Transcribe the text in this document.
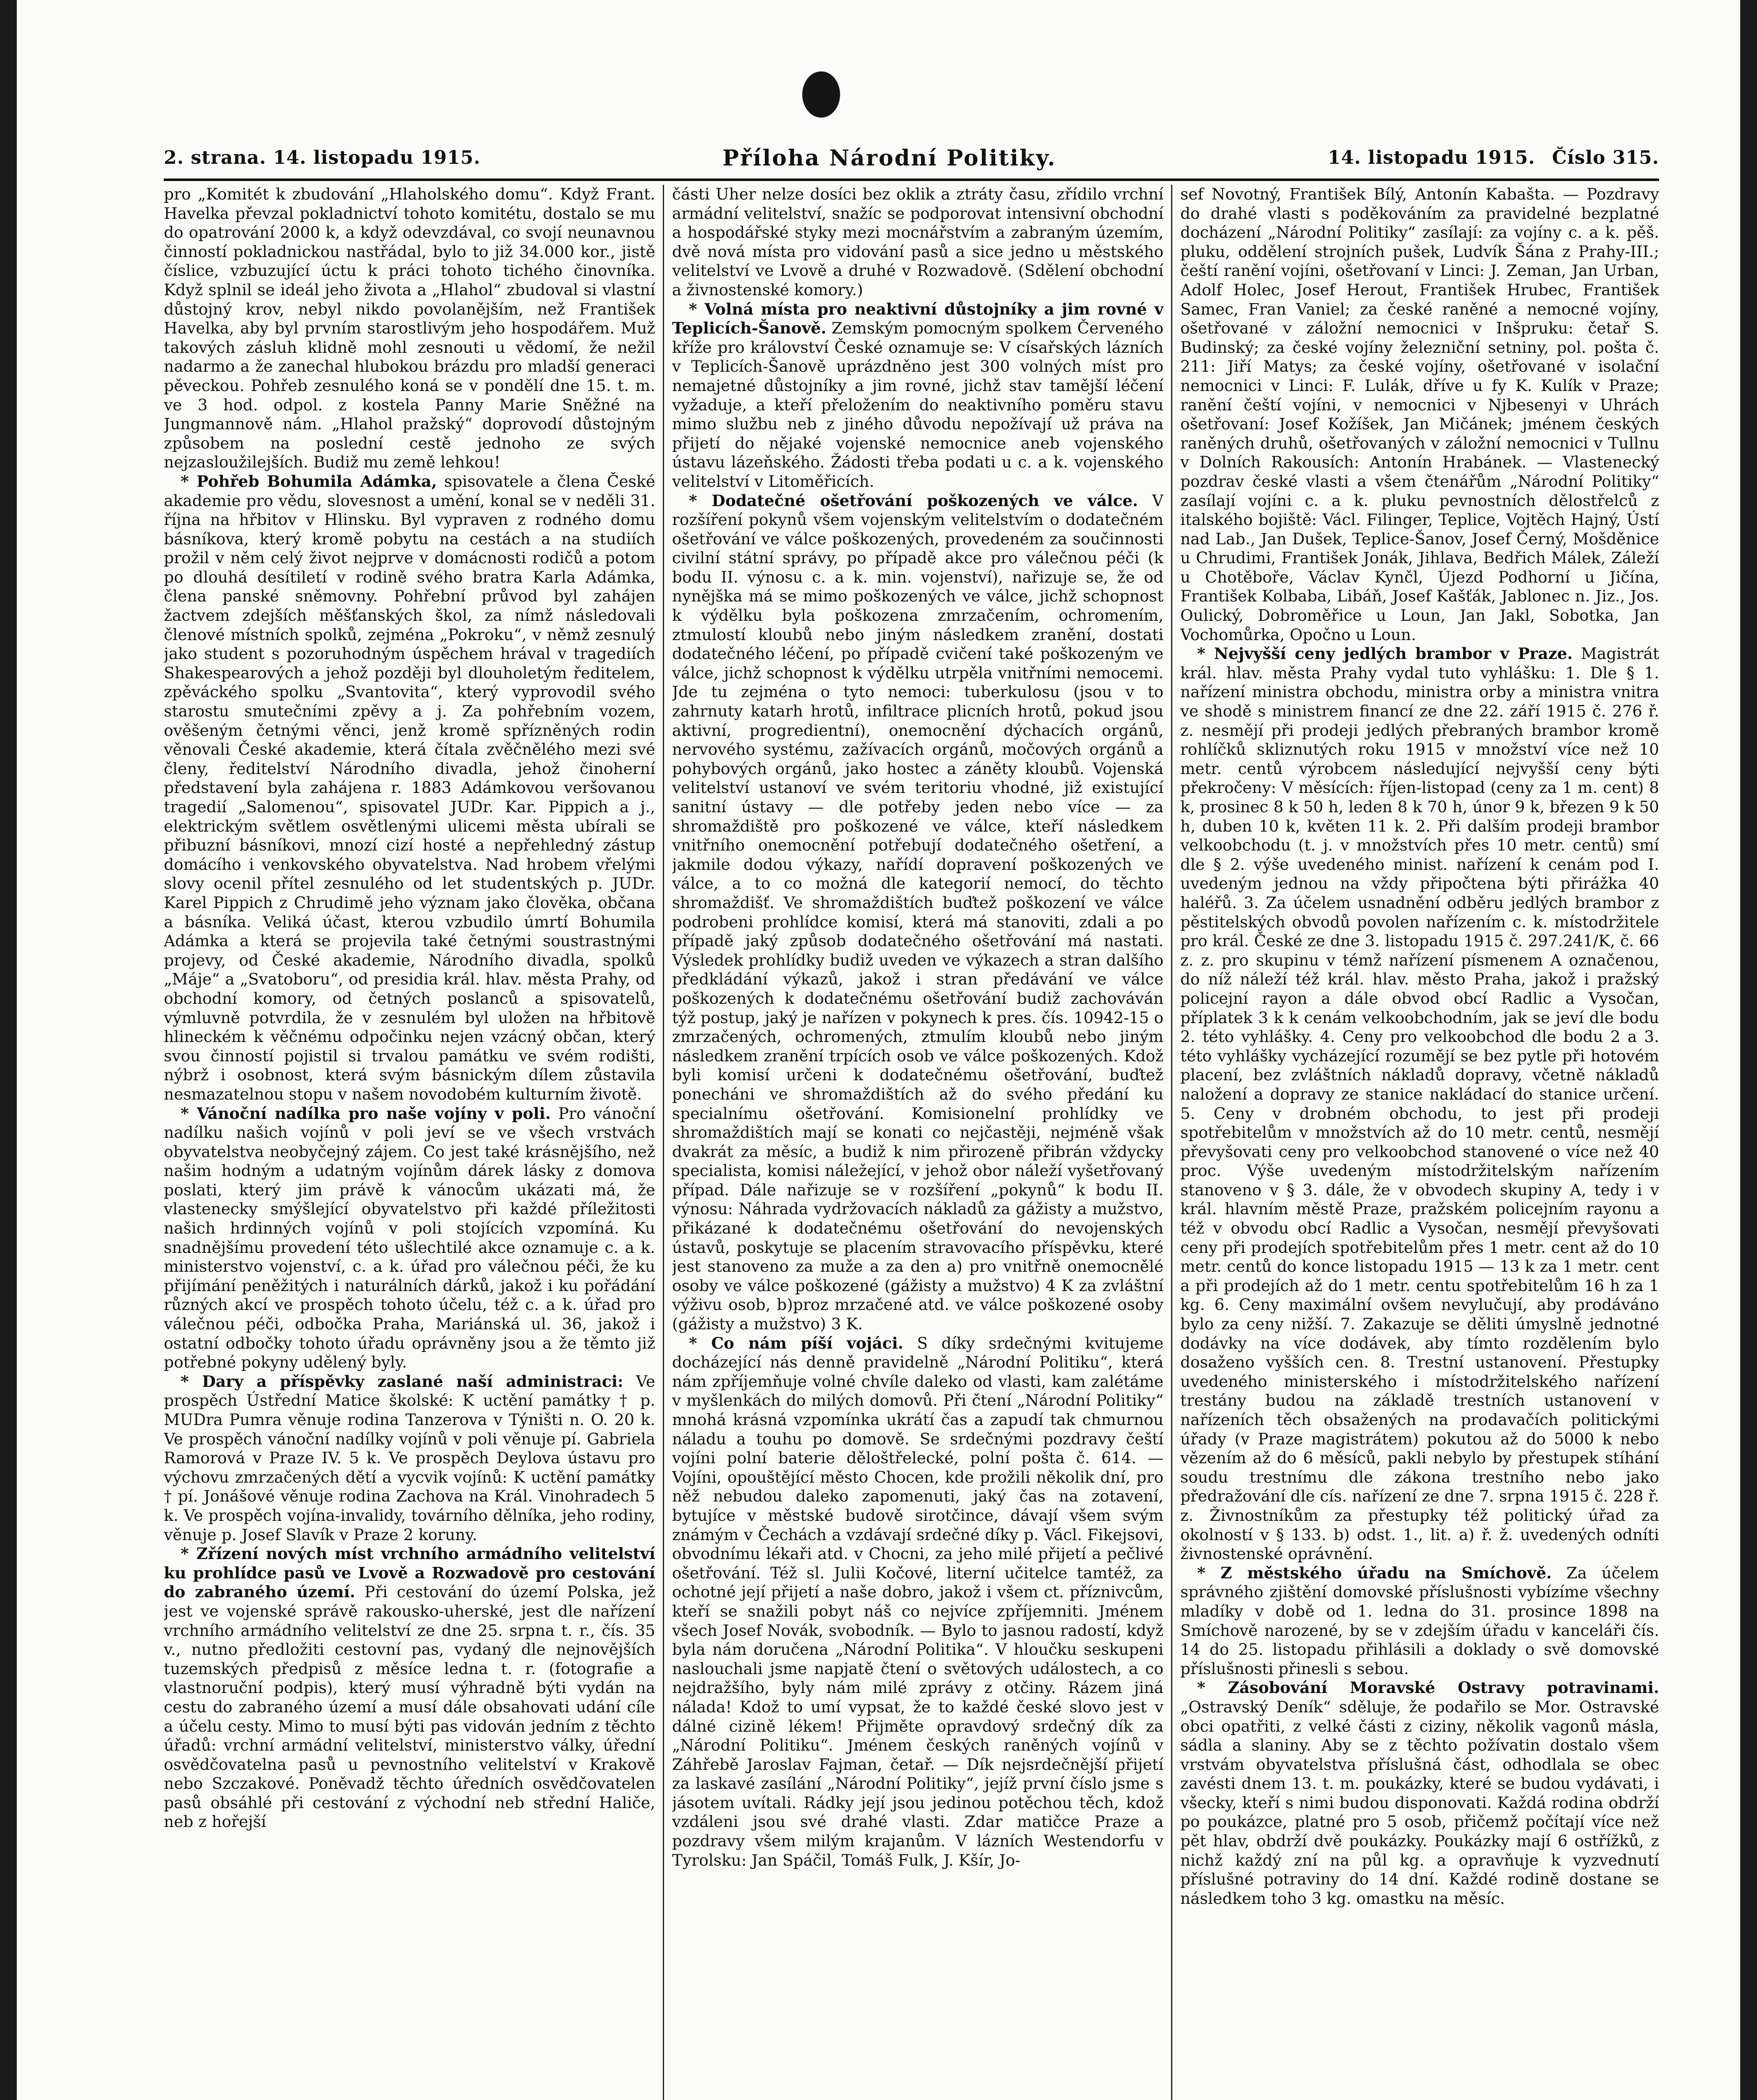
2. strana. 14. listopadu 1915.	Příloha Národní Politiky.	14. listopadu 1915. Číslo 315.

pro „Komitét k zbudování „Hlaholského domu“. Když Frant. Havelka převzal pokladnictví tohoto komitétu, dostalo se mu do opatrování 2000 k, a když odevzdával, co svojí neunavnou činností pokladnickou nastřádal, bylo to již 34.000 kor., jistě číslice, vzbuzující úctu k práci tohoto tichého činovníka. Když splnil se ideál jeho života a „Hlahol“ zbudoval si vlastní důstojný krov, nebyl nikdo povolanějším, než František Havelka, aby byl prvním starostlivým jeho hospodářem. Muž takových zásluh klidně mohl zesnouti u vědomí, že nežil nadarmo a že zanechal hlubokou brázdu pro mladší generaci pěveckou. Pohřeb zesnulého koná se v pondělí dne 15. t. m. ve 3 hod. odpol. z kostela Panny Marie Sněžné na Jungmannově nám. „Hlahol pražský“ doprovodí důstojným způsobem na poslední cestě jednoho ze svých nejzasloužilejších. Budiž mu země lehkou!

* Pohřeb Bohumila Adámka, spisovatele a člena České akademie pro vědu, slovesnost a umění, konal se v neděli 31. října na hřbitov v Hlinsku. Byl vypraven z rodného domu básníkova, který kromě pobytu na cestách a na studiích prožil v něm celý život nejprve v domácnosti rodičů a potom po dlouhá desítiletí v rodině svého bratra Karla Adámka, člena panské sněmovny. Pohřební průvod byl zahájen žactvem zdejších měšťanských škol, za nímž následovali členové místních spolků, zejména „Pokroku“, v němž zesnulý jako student s pozoruhodným úspěchem hrával v tragediích Shakespearových a jehož později byl dlouholetým ředitelem, zpěváckého spolku „Svantovita“, který vyprovodil svého starostu smutečními zpěvy a j. Za pohřebním vozem, ověšeným četnými věnci, jenž kromě spřízněných rodin věnovali České akademie, která čítala zvěčnělého mezi své členy, ředitelství Národního divadla, jehož činoherní představení byla zahájena r. 1883 Adámkovou veršovanou tragedií „Salomenou“, spisovatel JUDr. Kar. Pippich a j., elektrickým světlem osvětlenými ulicemi města ubírali se přibuzní básníkovi, mnozí cizí hosté a nepřehledný zástup domácího i venkovského obyvatelstva. Nad hrobem vřelými slovy ocenil přítel zesnulého od let studentských p. JUDr. Karel Pippich z Chrudimě jeho význam jako člověka, občana a básníka. Veliká účast, kterou vzbudilo úmrtí Bohumila Adámka a která se projevila také četnými soustrastnými projevy, od České akademie, Národního divadla, spolků „Máje“ a „Svatoboru“, od presidia král. hlav. města Prahy, od obchodní komory, od četných poslanců a spisovatelů, výmluvně potvrdila, že v zesnulém byl uložen na hřbitově hlineckém k věčnému odpočinku nejen vzácný občan, který svou činností pojistil si trvalou památku ve svém rodišti, nýbrž i osobnost, která svým básnickým dílem zůstavila nesmazatelnou stopu v našem novodobém kulturním životě.

* Vánoční nadílka pro naše vojíny v poli. Pro vánoční nadílku našich vojínů v poli jeví se ve všech vrstvách obyvatelstva neobyčejný zájem. Co jest také krásnějšího, než našim hodným a udatným vojínům dárek lásky z domova poslati, který jim právě k vánocům ukázati má, že vlastenecky smýšlející obyvatelstvo při každé příležitosti našich hrdinných vojínů v poli stojících vzpomíná. Ku snadnějšímu provedení této ušlechtilé akce oznamuje c. a k. ministerstvo vojenství, c. a k. úřad pro válečnou péči, že ku přijímání peněžitých i naturálních dárků, jakož i ku pořádání různých akcí ve prospěch tohoto účelu, též c. a k. úřad pro válečnou péči, odbočka Praha, Mariánská ul. 36, jakož i ostatní odbočky tohoto úřadu oprávněny jsou a že těmto již potřebné pokyny udělený byly.

* Dary a příspěvky zaslané naší administraci: Ve prospěch Ústřední Matice školské: K uctění památky † p. MUDra Pumra věnuje rodina Tanzerova v Týništi n. O. 20 k. Ve prospěch vánoční nadílky vojínů v poli věnuje pí. Gabriela Ramorová v Praze IV. 5 k. Ve prospěch Deylova ústavu pro výchovu zmrzačených dětí a vycvik vojínů: K uctění památky † pí. Jonášové věnuje rodina Zachova na Král. Vinohradech 5 k. Ve prospěch vojína-invalidy, továrního dělníka, jeho rodiny, věnuje p. Josef Slavík v Praze 2 koruny.

* Zřízení nových míst vrchního armádního velitelství ku prohlídce pasů ve Lvově a Rozwadově pro cestování do zabraného území. Při cestování do území Polska, jež jest ve vojenské správě rakousko-uherské, jest dle nařízení vrchního armádního velitelství ze dne 25. srpna t. r., čís. 35 v., nutno předložiti cestovní pas, vydaný dle nejnovějších tuzemských předpisů z měsíce ledna t. r. (fotografie a vlastnoruční podpis), který musí výhradně býti vydán na cestu do zabraného území a musí dále obsahovati udání cíle a účelu cesty. Mimo to musí býti pas vidován jedním z těchto úřadů: vrchní armádní velitelství, ministerstvo války, úřední osvědčovatelna pasů u pevnostního velitelství v Krakově nebo Szczakové. Poněvadž těchto úředních osvědčovatelen pasů obsáhlé při cestování z východní neb střední Haliče, neb z hořejší

části Uher nelze dosíci bez oklik a ztráty času, zřídilo vrchní armádní velitelství, snažíc se podporovat intensivní obchodní a hospodářské styky mezi mocnářstvím a zabraným územím, dvě nová místa pro vidování pasů a sice jedno u městského velitelství ve Lvově a druhé v Rozwadově. (Sdělení obchodní a živnostenské komory.)

* Volná místa pro neaktivní důstojníky a jim rovné v Teplicích-Šanově. Zemským pomocným spolkem Červeného kříže pro království České oznamuje se: V císařských lázních v Teplicích-Šanově uprázdněno jest 300 volných míst pro nemajetné důstojníky a jim rovné, jichž stav tamější léčení vyžaduje, a kteří přeložením do neaktivního poměru stavu mimo službu neb z jiného důvodu nepožívají už práva na přijetí do nějaké vojenské nemocnice aneb vojenského ústavu lázeňského. Žádosti třeba podati u c. a k. vojenského velitelství v Litoměřicích.

* Dodatečné ošetřování poškozených ve válce. V rozšíření pokynů všem vojenským velitelstvím o dodatečném ošetřování ve válce poškozených, provedeném za součinnosti civilní státní správy, po případě akce pro válečnou péči (k bodu II. výnosu c. a k. min. vojenství), nařizuje se, že od nynějška má se mimo poškozených ve válce, jichž schopnost k výdělku byla poškozena zmrzačením, ochromením, ztmulostí kloubů nebo jiným následkem zranění, dostati dodatečného léčení, po případě cvičení také poškozeným ve válce, jichž schopnost k výdělku utrpěla vnitřními nemocemi. Jde tu zejména o tyto nemoci: tuberkulosu (jsou v to zahrnuty katarh hrotů, infiltrace plicních hrotů, pokud jsou aktivní, progredientní), onemocnění dýchacích orgánů, nervového systému, zažívacích orgánů, močových orgánů a pohybových orgánů, jako hostec a záněty kloubů. Vojenská velitelství ustanoví ve svém teritoriu vhodné, již existující sanitní ústavy — dle potřeby jeden nebo více — za shromaždiště pro poškozené ve válce, kteří následkem vnitřního onemocnění potřebují dodatečného ošetření, a jakmile dodou výkazy, nařídí dopravení poškozených ve válce, a to co možná dle kategorií nemocí, do těchto shromaždišť. Ve shromaždištích buďtež poškození ve válce podrobeni prohlídce komisí, která má stanoviti, zdali a po případě jaký způsob dodatečného ošetřování má nastati. Výsledek prohlídky budiž uveden ve výkazech a stran dalšího předkládání výkazů, jakož i stran předávání ve válce poškozených k dodatečnému ošetřování budiž zachováván týž postup, jaký je nařízen v pokynech k pres. čís. 10942-15 o zmrzačených, ochromených, ztmulím kloubů nebo jiným následkem zranění trpících osob ve válce poškozených. Kdož byli komisí určeni k dodatečnému ošetřování, buďtež ponecháni ve shromaždištích až do svého předání ku specialnímu ošetřování. Komisionelní prohlídky ve shromaždištích mají se konati co nejčastěji, nejméně však dvakrát za měsíc, a budiž k nim přirozeně přibrán vždycky specialista, komisi náležející, v jehož obor náleží vyšetřovaný případ. Dále nařizuje se v rozšíření „pokynů“ k bodu II. výnosu: Náhrada vydržovacích nákladů za gážisty a mužstvo, přikázané k dodatečnému ošetřování do nevojenských ústavů, poskytuje se placením stravovacího příspěvku, které jest stanoveno za muže a za den a) pro vnitřně onemocnělé osoby ve válce poškozené (gážisty a mužstvo) 4 K za zvláštní výživu osob, b)proz mrzačené atd. ve válce poškozené osoby (gážisty a mužstvo) 3 K.

* Co nám píší vojáci. S díky srdečnými kvitujeme docházející nás denně pravidelně „Národní Politiku“, která nám zpříjemňuje volné chvíle daleko od vlasti, kam zalétáme v myšlenkách do milých domovů. Při čtení „Národní Politiky“ mnohá krásná vzpomínka ukrátí čas a zapudí tak chmurnou náladu a touhu po domově. Se srdečnými pozdravy čeští vojíni polní baterie děloštřelecké, polní pošta č. 614. — Vojíni, opouštějící město Chocen, kde prožili několik dní, pro něž nebudou daleko zapomenuti, jaký čas na zotavení, bytujíce v městské budově sirotčince, dávají všem svým známým v Čechách a vzdávají srdečné díky p. Václ. Fikejsovi, obvodnímu lékaři atd. v Chocni, za jeho milé přijetí a pečlivé ošetřování. Též sl. Julii Kočové, literní učitelce tamtéž, za ochotné její přijetí a naše dobro, jakož i všem ct. příznivcům, kteří se snažili pobyt náš co nejvíce zpříjemniti. Jménem všech Josef Novák, svobodník. — Bylo to jasnou radostí, když byla nám doručena „Národní Politika“. V hloučku seskupeni naslouchali jsme napjatě čtení o světových událostech, a co nejdražšího, byly nám milé zprávy z otčiny. Rázem jiná nálada! Kdož to umí vypsat, že to každé české slovo jest v dálné cizině lékem! Přijměte opravdový srdečný dík za „Národní Politiku“. Jménem českých raněných vojínů v Záhřebě Jaroslav Fajman, četař. — Dík nejsrdečnější přijetí za laskavé zasílání „Národní Politiky“, jejíž první číslo jsme s jásotem uvítali. Rádky její jsou jedinou potěchou těch, kdož vzdáleni jsou své drahé vlasti. Zdar matičce Praze a pozdravy všem milým krajanům. V lázních Westendorfu v Tyrolsku: Jan Spáčil, Tomáš Fulk, J. Kšír, Jo-

sef Novotný, František Bílý, Antonín Kabašta. — Pozdravy do drahé vlasti s poděkováním za pravidelné bezplatné docházení „Národní Politiky“ zasílají: za vojíny c. a k. pěš. pluku, oddělení strojních pušek, Ludvík Šána z Prahy-III.; čeští ranění vojíni, ošetřovaní v Linci: J. Zeman, Jan Urban, Adolf Holec, Josef Herout, František Hrubec, František Samec, Fran Vaniel; za české raněné a nemocné vojíny, ošetřované v záložní nemocnici v Inšpruku: četař S. Budinský; za české vojíny železniční setniny, pol. pošta č. 211: Jiří Matys; za české vojíny, ošetřované v isolační nemocnici v Linci: F. Lulák, dříve u fy K. Kulík v Praze; ranění čeští vojíni, v nemocnici v Njbesenyi v Uhrách ošetřovaní: Josef Kožíšek, Jan Mičánek; jménem českých raněných druhů, ošetřovaných v záložní nemocnici v Tullnu v Dolních Rakousích: Antonín Hrabánek. — Vlastenecký pozdrav české vlasti a všem čtenářům „Národní Politiky“ zasílají vojíni c. a k. pluku pevnostních dělostřelců z italského bojiště: Václ. Filinger, Teplice, Vojtěch Hajný, Ústí nad Lab., Jan Dušek, Teplice-Šanov, Josef Černý, Mošděnice u Chrudimi, František Jonák, Jihlava, Bedřich Málek, Záleží u Chotěboře, Václav Kynčl, Újezd Podhorní u Jičína, František Kolbaba, Libáň, Josef Kašťák, Jablonec n. Jiz., Jos. Oulický, Dobroměřice u Loun, Jan Jakl, Sobotka, Jan Vochomůrka, Opočno u Loun.

* Nejvyšší ceny jedlých brambor v Praze. Magistrát král. hlav. města Prahy vydal tuto vyhlášku: 1. Dle § 1. nařízení ministra obchodu, ministra orby a ministra vnitra ve shodě s ministrem financí ze dne 22. září 1915 č. 276 ř. z. nesmějí při prodeji jedlých přebraných brambor kromě rohlíčků skliznutých roku 1915 v množství více než 10 metr. centů výrobcem následující nejvyšší ceny býti překročeny: V měsících: říjen-listopad (ceny za 1 m. cent) 8 k, prosinec 8 k 50 h, leden 8 k 70 h, únor 9 k, březen 9 k 50 h, duben 10 k, květen 11 k. 2. Při dalším prodeji brambor velkoobchodu (t. j. v množstvích přes 10 metr. centů) smí dle § 2. výše uvedeného minist. nařízení k cenám pod I. uvedeným jednou na vždy připočtena býti přirážka 40 haléřů. 3. Za účelem usnadnění odběru jedlých brambor z pěstitelských obvodů povolen nařízením c. k. místodržitele pro král. České ze dne 3. listopadu 1915 č. 297.241/K, č. 66 z. z. pro skupinu v témž nařízení písmenem A označenou, do níž náleží též král. hlav. město Praha, jakož i pražský policejní rayon a dále obvod obcí Radlic a Vysočan, příplatek 3 k k cenám velkoobchodním, jak se jeví dle bodu 2. této vyhlášky. 4. Ceny pro velkoobchod dle bodu 2 a 3. této vyhlášky vycházející rozumějí se bez pytle při hotovém placení, bez zvláštních nákladů dopravy, včetně nákladů naložení a dopravy ze stanice nakládací do stanice určení. 5. Ceny v drobném obchodu, to jest při prodeji spotřebitelům v množstvích až do 10 metr. centů, nesmějí převyšovati ceny pro velkoobchod stanovené o více než 40 proc. Výše uvedeným místodržitelským nařízením stanoveno v § 3. dále, že v obvodech skupiny A, tedy i v král. hlavním městě Praze, pražském policejním rayonu a též v obvodu obcí Radlic a Vysočan, nesmějí převyšovati ceny při prodejích spotřebitelům přes 1 metr. cent až do 10 metr. centů do konce listopadu 1915 — 13 k za 1 metr. cent a při prodejích až do 1 metr. centu spotřebitelům 16 h za 1 kg. 6. Ceny maximální ovšem nevylučují, aby prodáváno bylo za ceny nižší. 7. Zakazuje se děliti úmyslně jednotné dodávky na více dodávek, aby tímto rozdělením bylo dosaženo vyšších cen. 8. Trestní ustanovení. Přestupky uvedeného ministerského i místodržitelského nařízení trestány budou na základě trestních ustanovení v nařízeních těch obsažených na prodavačích politickými úřady (v Praze magistrátem) pokutou až do 5000 k nebo vězením až do 6 měsíců, pakli nebylo by přestupek stíhání soudu trestnímu dle zákona trestního nebo jako předražování dle cís. nařízení ze dne 7. srpna 1915 č. 228 ř. z. Živnostníkům za přestupky též politický úřad za okolností v § 133. b) odst. 1., lit. a) ř. ž. uvedených odníti živnostenské oprávnění.

* Z městského úřadu na Smíchově. Za účelem správného zjištění domovské příslušnosti vybízíme všechny mladíky v době od 1. ledna do 31. prosince 1898 na Smíchově narozené, by se v zdejším úřadu v kanceláři čís. 14 do 25. listopadu přihlásili a doklady o svě domovské příslušnosti přinesli s sebou.

* Zásobování Moravské Ostravy potravinami. „Ostravský Deník“ sděluje, že podařilo se Mor. Ostravské obci opatřiti, z velké části z ciziny, několik vagonů másla, sádla a slaniny. Aby se z těchto požívatin dostalo všem vrstvám obyvatelstva příslušná část, odhodlala se obec zavésti dnem 13. t. m. poukázky, které se budou vydávati, i všecky, kteří s nimi budou disponovati. Každá rodina obdrží po poukázce, platné pro 5 osob, přičemž počítají více než pět hlav, obdrží dvě poukázky. Poukázky mají 6 ostřížků, z nichž každý zní na půl kg. a opravňuje k vyzvednutí příslušné potraviny do 14 dní. Každé rodině dostane se následkem toho 3 kg. omastku na měsíc.
